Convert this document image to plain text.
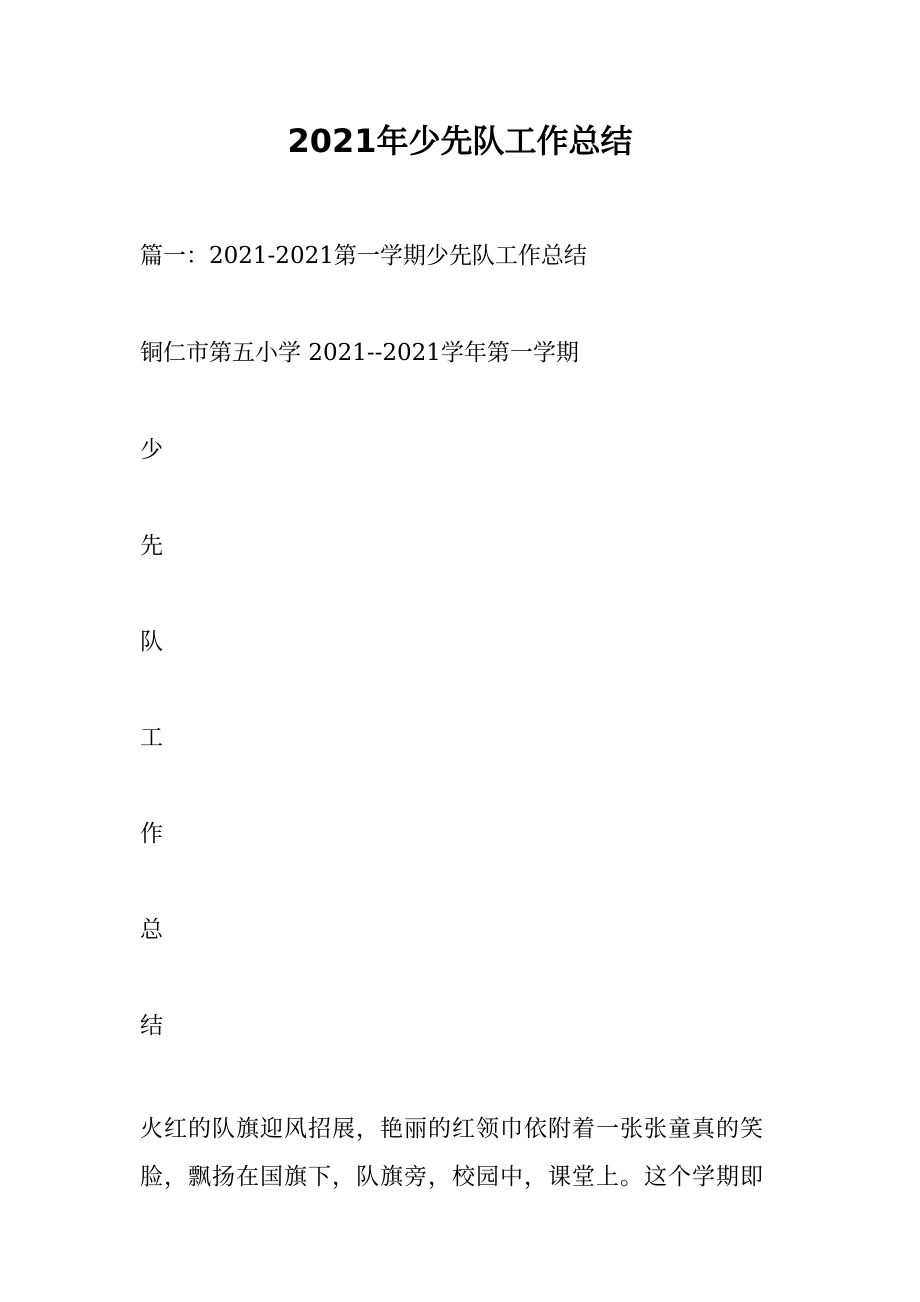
2021年少先队工作总结
篇一：2021-2021第一学期少先队工作总结
铜仁市第五小学 2021--2021学年第一学期
少
先
队
工
作
总
结
火红的队旗迎风招展，艳丽的红领巾依附着一张张童真的笑
脸，飘扬在国旗下，队旗旁，校园中，课堂上。这个学期即
